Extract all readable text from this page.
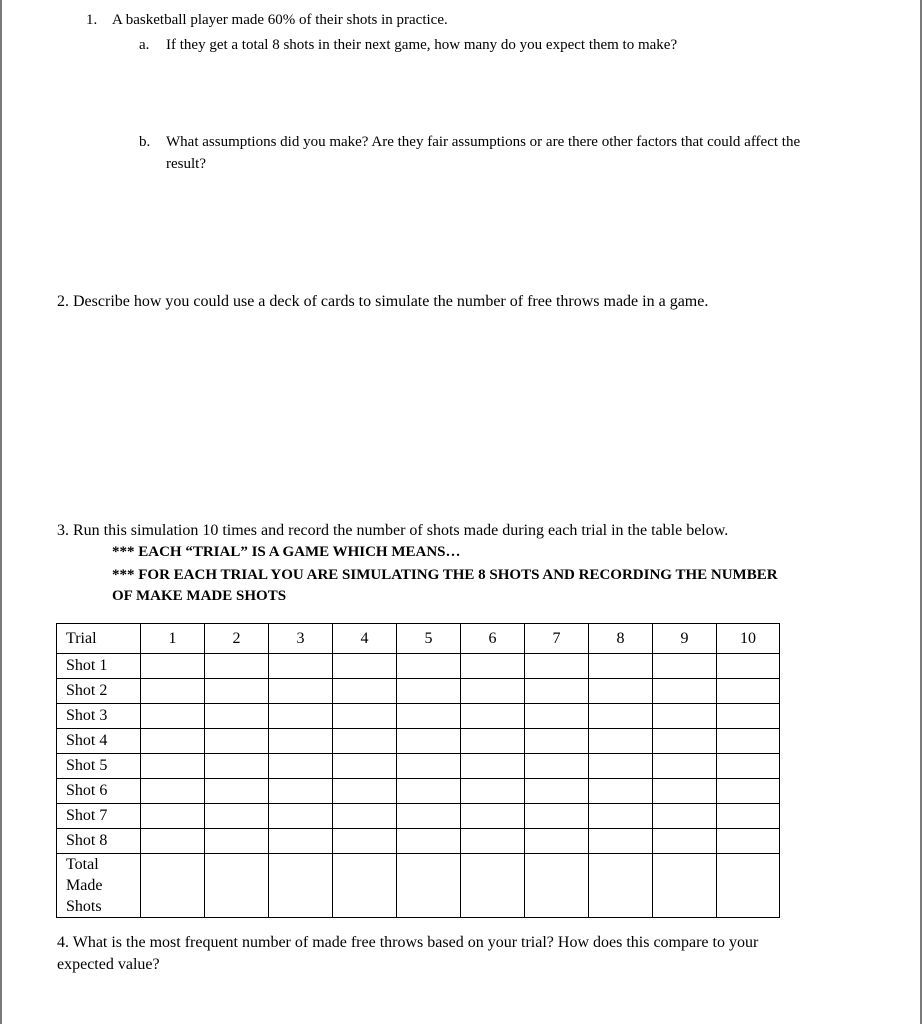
1. A basketball player made 60% of their shots in practice.
a. If they get a total 8 shots in their next game, how many do you expect them to make?
b. What assumptions did you make? Are they fair assumptions or are there other factors that could affect the
result?
2. Describe how you could use a deck of cards to simulate the number of free throws made in a game.
3. Run this simulation 10 times and record the number of shots made during each trial in the table below.
*** EACH “TRIAL” IS A GAME WHICH MEANS…
*** FOR EACH TRIAL YOU ARE SIMULATING THE 8 SHOTS AND RECORDING THE NUMBER
OF MAKE MADE SHOTS
Trial	1	2	3	4	5	6	7	8	9	10
Shot 1										
Shot 2										
Shot 3										
Shot 4										
Shot 5										
Shot 6										
Shot 7										
Shot 8										

Total
Made
Shots										

4. What is the most frequent number of made free throws based on your trial? How does this compare to your
expected value?
